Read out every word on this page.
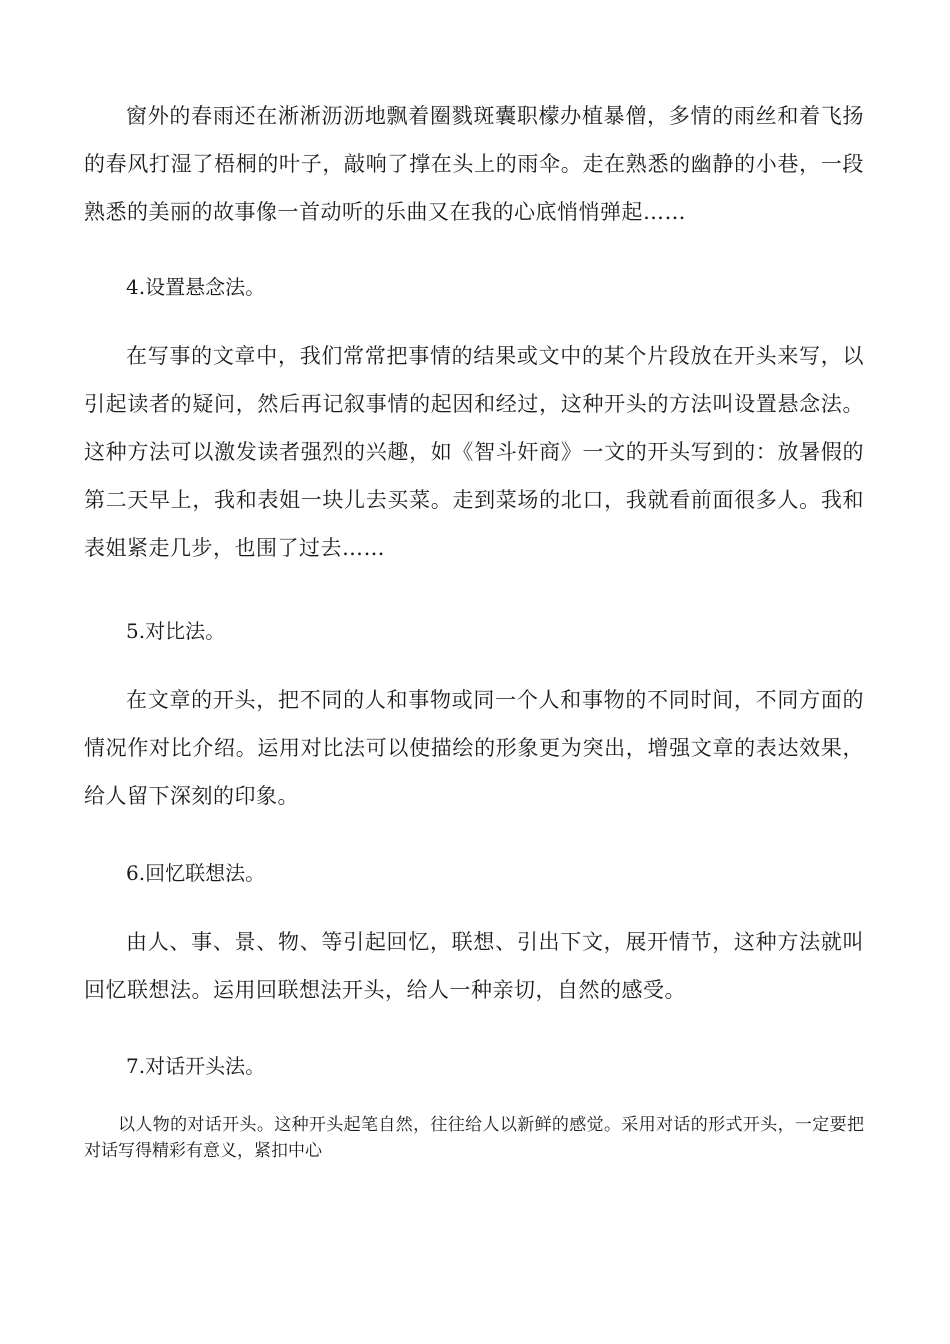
窗外的春雨还在淅淅沥沥地飘着圈戮斑囊职檬办植暴僧，多情的雨丝和着飞扬的春风打湿了梧桐的叶子，敲响了撑在头上的雨伞。走在熟悉的幽静的小巷，一段熟悉的美丽的故事像一首动听的乐曲又在我的心底悄悄弹起……

4.设置悬念法。

在写事的文章中，我们常常把事情的结果或文中的某个片段放在开头来写，以引起读者的疑问，然后再记叙事情的起因和经过，这种开头的方法叫设置悬念法。这种方法可以激发读者强烈的兴趣，如《智斗奸商》一文的开头写到的：放暑假的第二天早上，我和表姐一块儿去买菜。走到菜场的北口，我就看前面很多人。我和表姐紧走几步，也围了过去……

5.对比法。

在文章的开头，把不同的人和事物或同一个人和事物的不同时间，不同方面的情况作对比介绍。运用对比法可以使描绘的形象更为突出，增强文章的表达效果，给人留下深刻的印象。

6.回忆联想法。

由人、事、景、物、等引起回忆，联想、引出下文，展开情节，这种方法就叫回忆联想法。运用回联想法开头，给人一种亲切，自然的感受。

7.对话开头法。

以人物的对话开头。这种开头起笔自然，往往给人以新鲜的感觉。采用对话的形式开头，一定要把对话写得精彩有意义，紧扣中心
